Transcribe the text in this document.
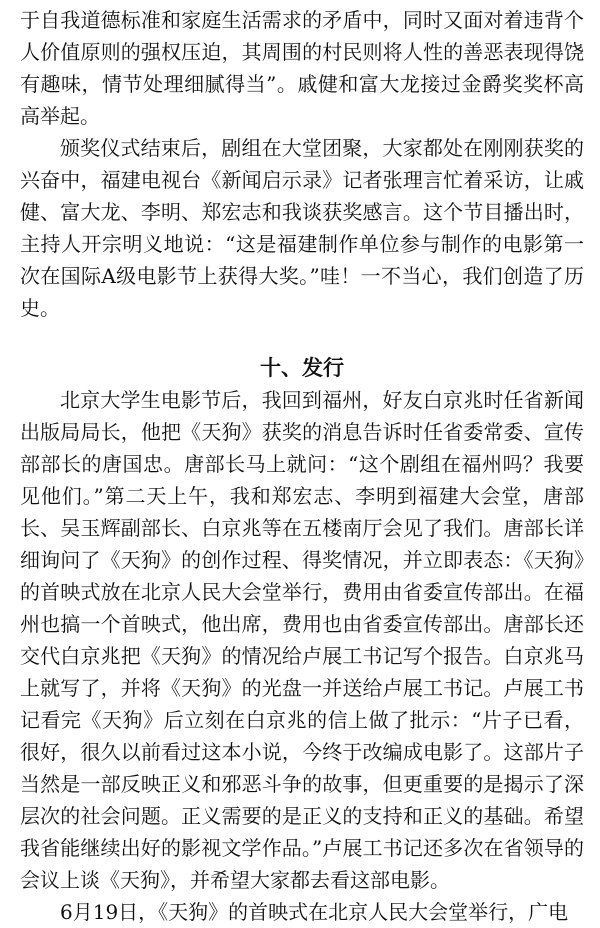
于自我道德标准和家庭生活需求的矛盾中，同时又面对着违背个人价值原则的强权压迫，其周围的村民则将人性的善恶表现得饶有趣味，情节处理细腻得当”。戚健和富大龙接过金爵奖奖杯高高举起。

颁奖仪式结束后，剧组在大堂团聚，大家都处在刚刚获奖的兴奋中，福建电视台《新闻启示录》记者张理言忙着采访，让戚健、富大龙、李明、郑宏志和我谈获奖感言。这个节目播出时，主持人开宗明义地说：“这是福建制作单位参与制作的电影第一次在国际A级电影节上获得大奖。”哇！一不当心，我们创造了历史。

十、发行

北京大学生电影节后，我回到福州，好友白京兆时任省新闻出版局局长，他把《天狗》获奖的消息告诉时任省委常委、宣传部部长的唐国忠。唐部长马上就问：“这个剧组在福州吗？我要见他们。”第二天上午，我和郑宏志、李明到福建大会堂，唐部长、吴玉辉副部长、白京兆等在五楼南厅会见了我们。唐部长详细询问了《天狗》的创作过程、得奖情况，并立即表态：《天狗》的首映式放在北京人民大会堂举行，费用由省委宣传部出。在福州也搞一个首映式，他出席，费用也由省委宣传部出。唐部长还交代白京兆把《天狗》的情况给卢展工书记写个报告。白京兆马上就写了，并将《天狗》的光盘一并送给卢展工书记。卢展工书记看完《天狗》后立刻在白京兆的信上做了批示：“片子已看，很好，很久以前看过这本小说，今终于改编成电影了。这部片子当然是一部反映正义和邪恶斗争的故事，但更重要的是揭示了深层次的社会问题。正义需要的是正义的支持和正义的基础。希望我省能继续出好的影视文学作品。”卢展工书记还多次在省领导的会议上谈《天狗》，并希望大家都去看这部电影。

6月19日，《天狗》的首映式在北京人民大会堂举行，广电
